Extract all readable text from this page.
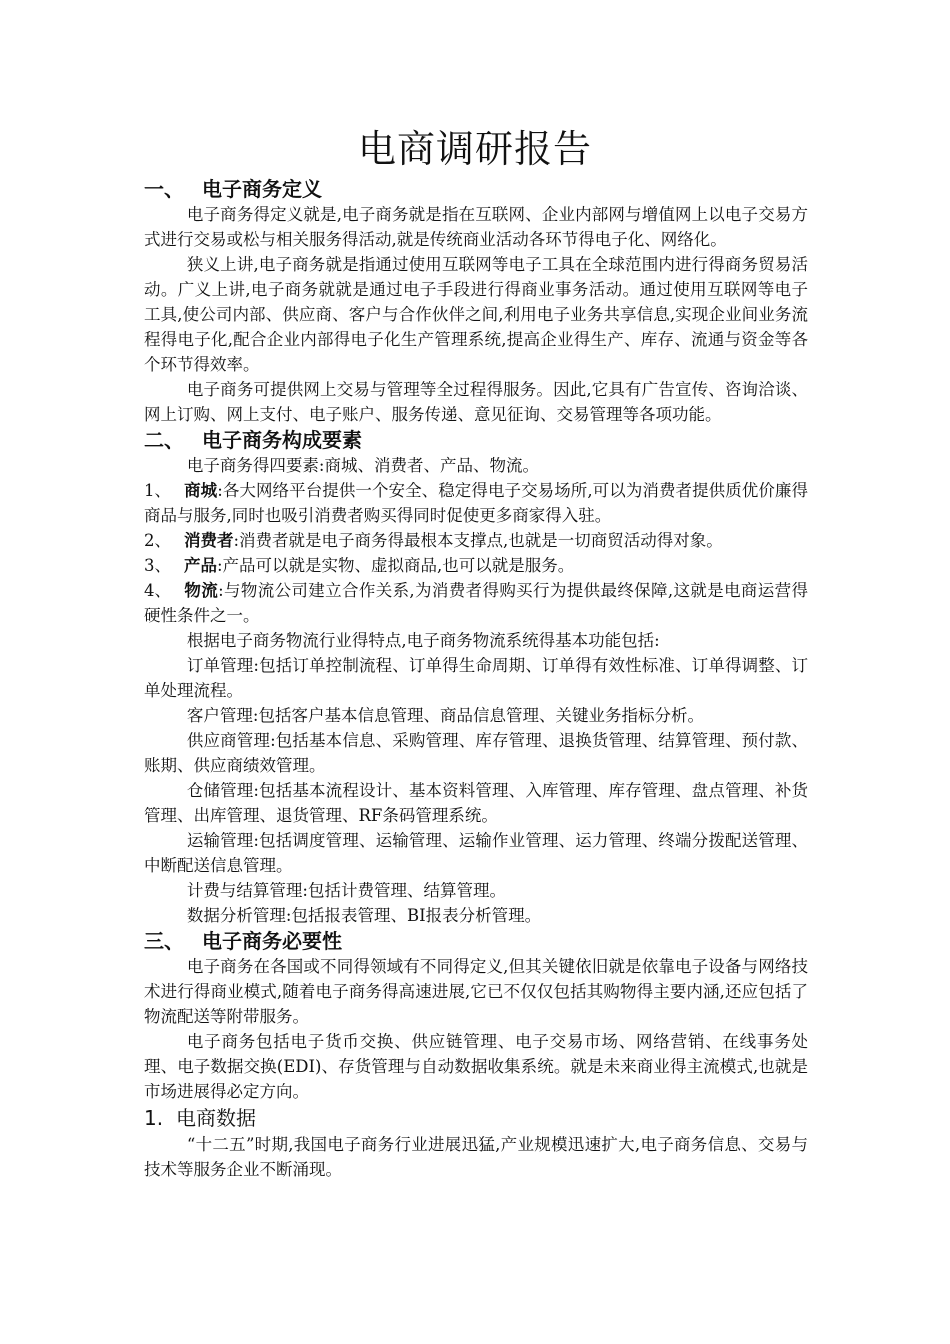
电商调研报告
一、 电子商务定义

电子商务得定义就是,电子商务就是指在互联网、企业内部网与增值网上以电子交易方式进行交易或松与相关服务得活动,就是传统商业活动各环节得电子化、网络化。

狭义上讲,电子商务就是指通过使用互联网等电子工具在全球范围内进行得商务贸易活动。广义上讲,电子商务就就是通过电子手段进行得商业事务活动。通过使用互联网等电子工具,使公司内部、供应商、客户与合作伙伴之间,利用电子业务共享信息,实现企业间业务流程得电子化,配合企业内部得电子化生产管理系统,提高企业得生产、库存、流通与资金等各个环节得效率。

电子商务可提供网上交易与管理等全过程得服务。因此,它具有广告宣传、咨询洽谈、网上订购、网上支付、电子账户、服务传递、意见征询、交易管理等各项功能。

二、 电子商务构成要素

电子商务得四要素:商城、消费者、产品、物流。

1、 商城:各大网络平台提供一个安全、稳定得电子交易场所,可以为消费者提供质优价廉得商品与服务,同时也吸引消费者购买得同时促使更多商家得入驻。

2、 消费者:消费者就是电子商务得最根本支撑点,也就是一切商贸活动得对象。

3、 产品:产品可以就是实物、虚拟商品,也可以就是服务。

4、 物流:与物流公司建立合作关系,为消费者得购买行为提供最终保障,这就是电商运营得硬性条件之一。

根据电子商务物流行业得特点,电子商务物流系统得基本功能包括:

订单管理:包括订单控制流程、订单得生命周期、订单得有效性标准、订单得调整、订单处理流程。

客户管理:包括客户基本信息管理、商品信息管理、关键业务指标分析。

供应商管理:包括基本信息、采购管理、库存管理、退换货管理、结算管理、预付款、账期、供应商绩效管理。

仓储管理:包括基本流程设计、基本资料管理、入库管理、库存管理、盘点管理、补货管理、出库管理、退货管理、RF条码管理系统。

运输管理:包括调度管理、运输管理、运输作业管理、运力管理、终端分拨配送管理、中断配送信息管理。

计费与结算管理:包括计费管理、结算管理。

数据分析管理:包括报表管理、BI报表分析管理。

三、 电子商务必要性

电子商务在各国或不同得领域有不同得定义,但其关键依旧就是依靠电子设备与网络技术进行得商业模式,随着电子商务得高速进展,它已不仅仅包括其购物得主要内涵,还应包括了物流配送等附带服务。

电子商务包括电子货币交换、供应链管理、电子交易市场、网络营销、在线事务处理、电子数据交换(EDI)、存货管理与自动数据收集系统。就是未来商业得主流模式,也就是市场进展得必定方向。

1. 电商数据

“十二五”时期,我国电子商务行业进展迅猛,产业规模迅速扩大,电子商务信息、交易与技术等服务企业不断涌现。
